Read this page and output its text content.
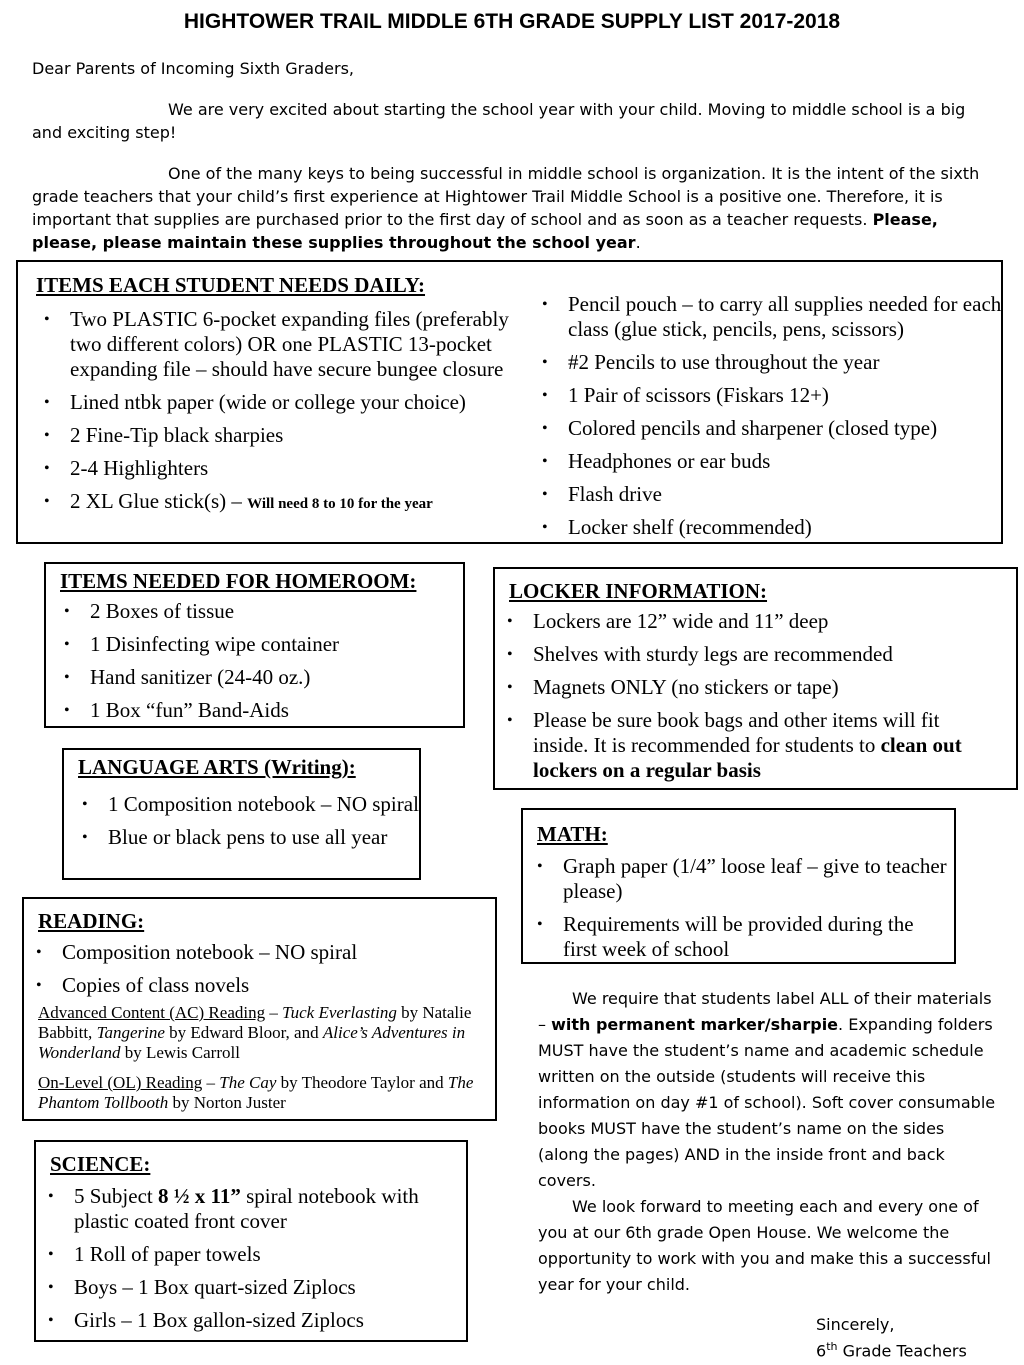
HIGHTOWER TRAIL MIDDLE 6TH GRADE SUPPLY LIST 2017-2018
Dear Parents of Incoming Sixth Graders,
We are very excited about starting the school year with your child. Moving to middle school is a big and exciting step!
One of the many keys to being successful in middle school is organization. It is the intent of the sixth grade teachers that your child’s first experience at Hightower Trail Middle School is a positive one. Therefore, it is important that supplies are purchased prior to the first day of school and as soon as a teacher requests. Please, please, please maintain these supplies throughout the school year.
ITEMS EACH STUDENT NEEDS DAILY:
• Two PLASTIC 6-pocket expanding files (preferably two different colors) OR one PLASTIC 13-pocket expanding file – should have secure bungee closure
• Lined ntbk paper (wide or college your choice)
• 2 Fine-Tip black sharpies
• 2-4 Highlighters
• 2 XL Glue stick(s) – Will need 8 to 10 for the year
• Pencil pouch – to carry all supplies needed for each class (glue stick, pencils, pens, scissors)
• #2 Pencils to use throughout the year
• 1 Pair of scissors (Fiskars 12+)
• Colored pencils and sharpener (closed type)
• Headphones or ear buds
• Flash drive
• Locker shelf (recommended)
ITEMS NEEDED FOR HOMEROOM:
• 2 Boxes of tissue
• 1 Disinfecting wipe container
• Hand sanitizer (24-40 oz.)
• 1 Box “fun” Band-Aids
LOCKER INFORMATION:
• Lockers are 12” wide and 11” deep
• Shelves with sturdy legs are recommended
• Magnets ONLY (no stickers or tape)
• Please be sure book bags and other items will fit inside. It is recommended for students to clean out lockers on a regular basis
LANGUAGE ARTS (Writing):
• 1 Composition notebook – NO spiral
• Blue or black pens to use all year	MATH:
• Graph paper (1/4” loose leaf – give to teacher please)
• Requirements will be provided during the first week of school
READING:
• Composition notebook – NO spiral
• Copies of class novels
Advanced Content (AC) Reading – Tuck Everlasting by Natalie Babbitt, Tangerine by Edward Bloor, and Alice’s Adventures in Wonderland by Lewis Carroll
On-Level (OL) Reading – The Cay by Theodore Taylor and The Phantom Tollbooth by Norton Juster
SCIENCE:
• 5 Subject 8 ½ x 11” spiral notebook with plastic coated front cover
• 1 Roll of paper towels
• Boys – 1 Box quart-sized Ziplocs
• Girls – 1 Box gallon-sized Ziplocs
We require that students label ALL of their materials – with permanent marker/sharpie. Expanding folders MUST have the student’s name and academic schedule written on the outside (students will receive this information on day #1 of school). Soft cover consumable books MUST have the student’s name on the sides (along the pages) AND in the inside front and back covers.
We look forward to meeting each and every one of you at our 6th grade Open House. We welcome the opportunity to work with you and make this a successful year for your child.
Sincerely,
6th Grade Teachers
